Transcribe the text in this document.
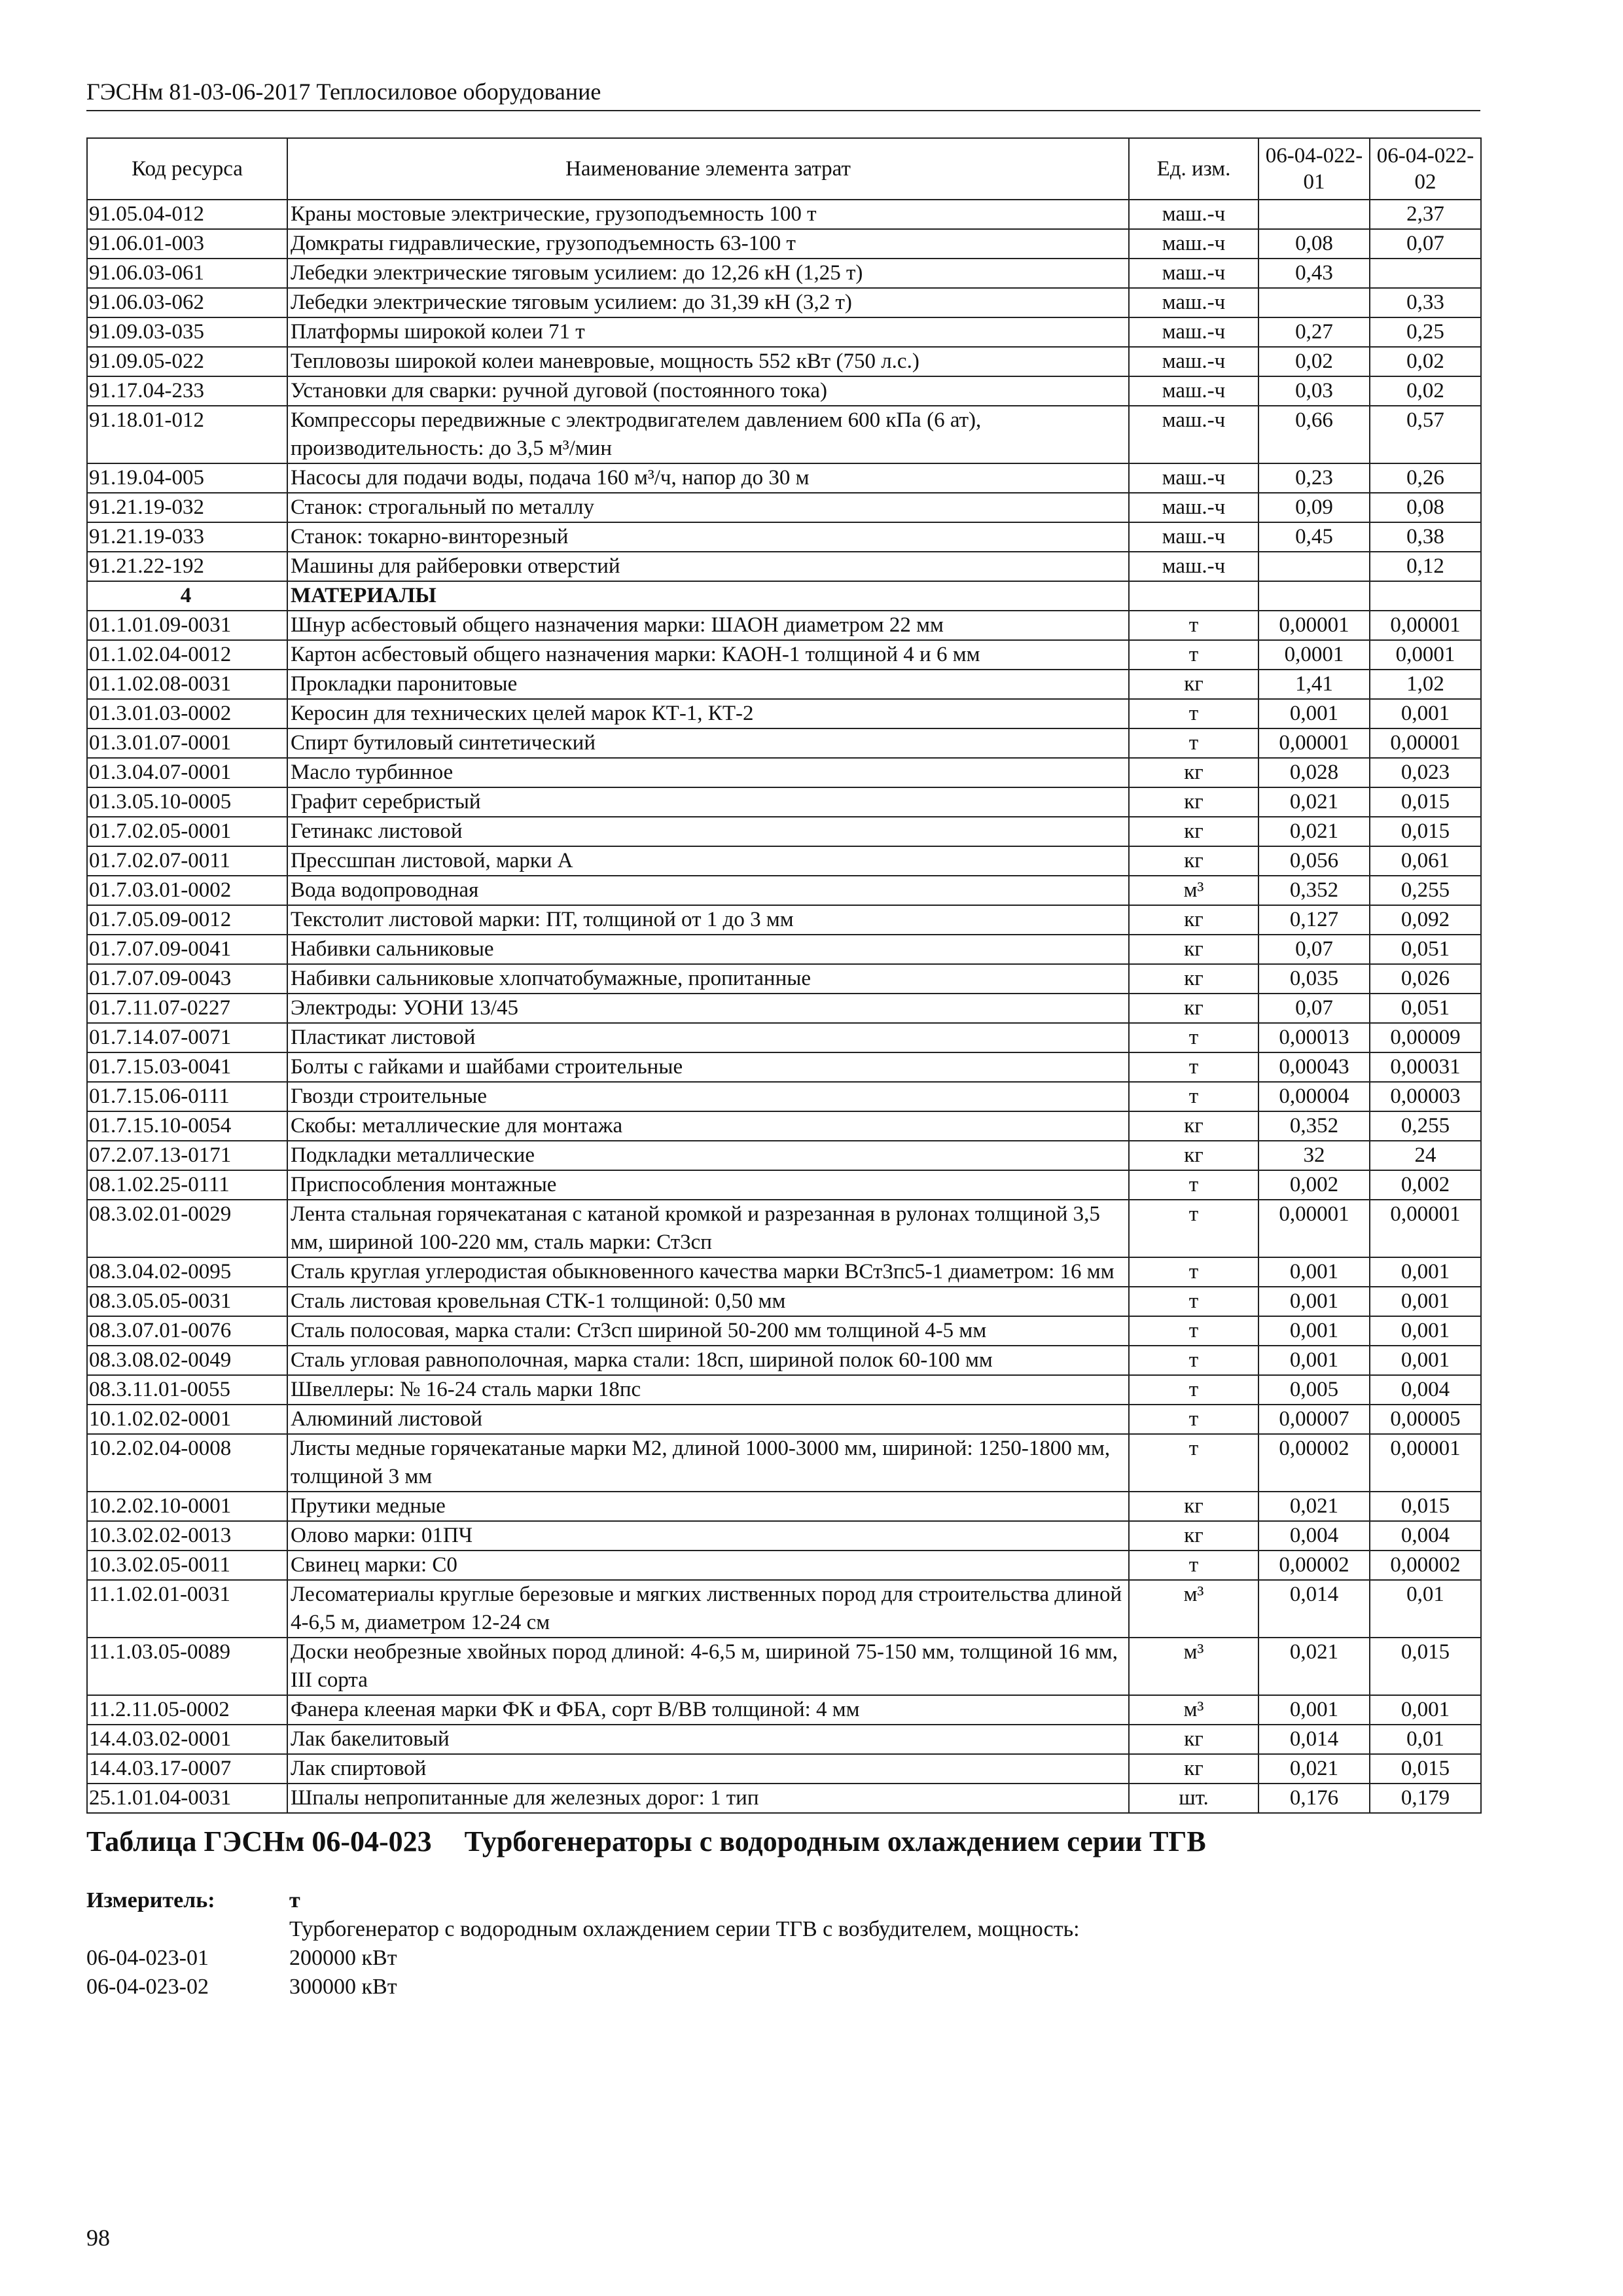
ГЭСНм 81-03-06-2017 Теплосиловое оборудование
Код ресурса	Наименование элемента затрат	Ед. изм.	06-04-022-01	06-04-022-02
91.05.04-012	Краны мостовые электрические, грузоподъемность 100 т	маш.-ч		2,37
91.06.01-003	Домкраты гидравлические, грузоподъемность 63-100 т	маш.-ч	0,08	0,07
91.06.03-061	Лебедки электрические тяговым усилием: до 12,26 кН (1,25 т)	маш.-ч	0,43	
91.06.03-062	Лебедки электрические тяговым усилием: до 31,39 кН (3,2 т)	маш.-ч		0,33
91.09.03-035	Платформы широкой колеи 71 т	маш.-ч	0,27	0,25
91.09.05-022	Тепловозы широкой колеи маневровые, мощность 552 кВт (750 л.с.)	маш.-ч	0,02	0,02
91.17.04-233	Установки для сварки: ручной дуговой (постоянного тока)	маш.-ч	0,03	0,02
91.18.01-012	Компрессоры передвижные с электродвигателем давлением 600 кПа (6 ат), производительность: до 3,5 м³/мин	маш.-ч	0,66	0,57
91.19.04-005	Насосы для подачи воды, подача 160 м³/ч, напор до 30 м	маш.-ч	0,23	0,26
91.21.19-032	Станок: строгальный по металлу	маш.-ч	0,09	0,08
91.21.19-033	Станок: токарно-винторезный	маш.-ч	0,45	0,38
91.21.22-192	Машины для райберовки отверстий	маш.-ч		0,12
4	МАТЕРИАЛЫ			
01.1.01.09-0031	Шнур асбестовый общего назначения марки: ШАОН диаметром 22 мм	т	0,00001	0,00001
01.1.02.04-0012	Картон асбестовый общего назначения марки: КАОН-1 толщиной 4 и 6 мм	т	0,0001	0,0001
01.1.02.08-0031	Прокладки паронитовые	кг	1,41	1,02
01.3.01.03-0002	Керосин для технических целей марок КТ-1, КТ-2	т	0,001	0,001
01.3.01.07-0001	Спирт бутиловый синтетический	т	0,00001	0,00001
01.3.04.07-0001	Масло турбинное	кг	0,028	0,023
01.3.05.10-0005	Графит серебристый	кг	0,021	0,015
01.7.02.05-0001	Гетинакс листовой	кг	0,021	0,015
01.7.02.07-0011	Прессшпан листовой, марки А	кг	0,056	0,061
01.7.03.01-0002	Вода водопроводная	м³	0,352	0,255
01.7.05.09-0012	Текстолит листовой марки: ПТ, толщиной от 1 до 3 мм	кг	0,127	0,092
01.7.07.09-0041	Набивки сальниковые	кг	0,07	0,051
01.7.07.09-0043	Набивки сальниковые хлопчатобумажные, пропитанные	кг	0,035	0,026
01.7.11.07-0227	Электроды: УОНИ 13/45	кг	0,07	0,051
01.7.14.07-0071	Пластикат листовой	т	0,00013	0,00009
01.7.15.03-0041	Болты с гайками и шайбами строительные	т	0,00043	0,00031
01.7.15.06-0111	Гвозди строительные	т	0,00004	0,00003
01.7.15.10-0054	Скобы: металлические для монтажа	кг	0,352	0,255
07.2.07.13-0171	Подкладки металлические	кг	32	24
08.1.02.25-0111	Приспособления монтажные	т	0,002	0,002
08.3.02.01-0029	Лента стальная горячекатаная с катаной кромкой и разрезанная в рулонах толщиной 3,5 мм, шириной 100-220 мм, сталь марки: Ст3сп	т	0,00001	0,00001
08.3.04.02-0095	Сталь круглая углеродистая обыкновенного качества марки ВСт3пс5-1 диаметром: 16 мм	т	0,001	0,001
08.3.05.05-0031	Сталь листовая кровельная СТК-1 толщиной: 0,50 мм	т	0,001	0,001
08.3.07.01-0076	Сталь полосовая, марка стали: Ст3сп шириной 50-200 мм толщиной 4-5 мм	т	0,001	0,001
08.3.08.02-0049	Сталь угловая равнополочная, марка стали: 18сп, шириной полок 60-100 мм	т	0,001	0,001
08.3.11.01-0055	Швеллеры: № 16-24 сталь марки 18пс	т	0,005	0,004
10.1.02.02-0001	Алюминий листовой	т	0,00007	0,00005
10.2.02.04-0008	Листы медные горячекатаные марки М2, длиной 1000-3000 мм, шириной: 1250-1800 мм, толщиной 3 мм	т	0,00002	0,00001
10.2.02.10-0001	Прутики медные	кг	0,021	0,015
10.3.02.02-0013	Олово марки: 01ПЧ	кг	0,004	0,004
10.3.02.05-0011	Свинец марки: С0	т	0,00002	0,00002
11.1.02.01-0031	Лесоматериалы круглые березовые и мягких лиственных пород для строительства длиной 4-6,5 м, диаметром 12-24 см	м³	0,014	0,01
11.1.03.05-0089	Доски необрезные хвойных пород длиной: 4-6,5 м, шириной 75-150 мм, толщиной 16 мм, III сорта	м³	0,021	0,015
11.2.11.05-0002	Фанера клееная марки ФК и ФБА, сорт В/ВВ толщиной: 4 мм	м³	0,001	0,001
14.4.03.02-0001	Лак бакелитовый	кг	0,014	0,01
14.4.03.17-0007	Лак спиртовой	кг	0,021	0,015
25.1.01.04-0031	Шпалы непропитанные для железных дорог: 1 тип	шт.	0,176	0,179
Таблица ГЭСНм 06-04-023 Турбогенераторы с водородным охлаждением серии ТГВ
Измеритель:	т
Турбогенератор с водородным охлаждением серии ТГВ с возбудителем, мощность:
06-04-023-01	200000 кВт
06-04-023-02	300000 кВт
98
